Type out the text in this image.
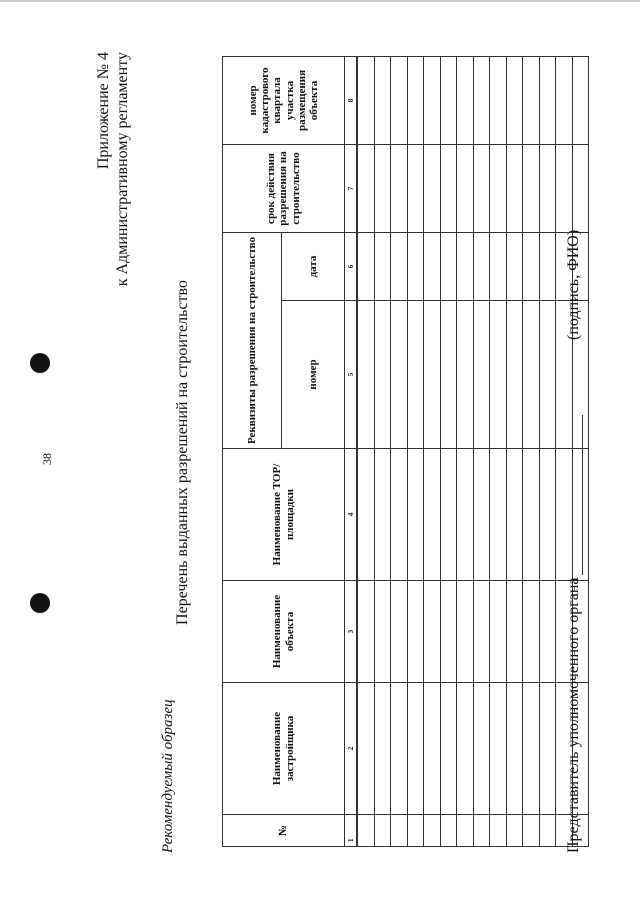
38
Приложение № 4 к Административному регламенту
Рекомендуемый образец
Перечень выданных разрешений на строительство
№	Наименование застройщика	Наименование объекта	Наименование ТОР/площадки	Реквизиты разрешения на строительство		срок действия разрешения на строительство	номер кадастрового квартала участка размещения объекта
				номер	дата		
1	2	3	4	5	6	7	8

Представитель уполномоченного органа
(подпись, ФИО)
